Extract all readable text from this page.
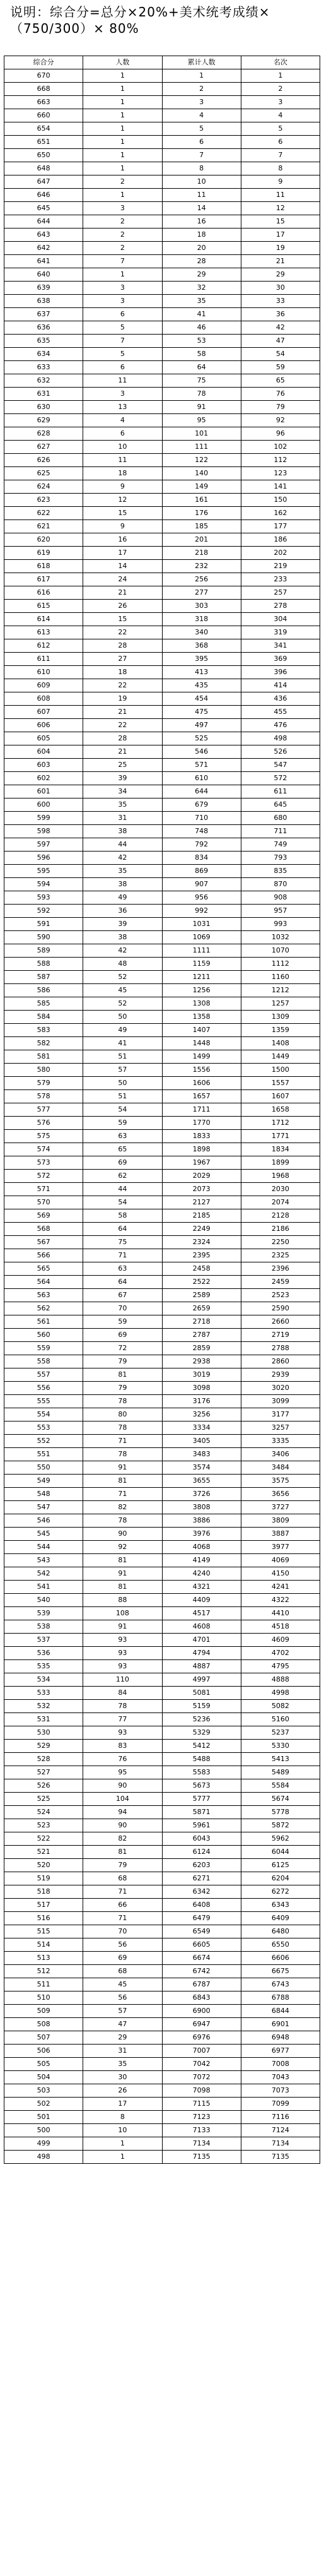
说明：综合分=总分×20%+美术统考成绩×（750/300）× 80%
综合分	人数	累计人数	名次
670	1	1	1
668	1	2	2
663	1	3	3
660	1	4	4
654	1	5	5
651	1	6	6
650	1	7	7
648	1	8	8
647	2	10	9
646	1	11	11
645	3	14	12
644	2	16	15
643	2	18	17
642	2	20	19
641	7	28	21
640	1	29	29
639	3	32	30
638	3	35	33
637	6	41	36
636	5	46	42
635	7	53	47
634	5	58	54
633	6	64	59
632	11	75	65
631	3	78	76
630	13	91	79
629	4	95	92
628	6	101	96
627	10	111	102
626	11	122	112
625	18	140	123
624	9	149	141
623	12	161	150
622	15	176	162
621	9	185	177
620	16	201	186
619	17	218	202
618	14	232	219
617	24	256	233
616	21	277	257
615	26	303	278
614	15	318	304
613	22	340	319
612	28	368	341
611	27	395	369
610	18	413	396
609	22	435	414
608	19	454	436
607	21	475	455
606	22	497	476
605	28	525	498
604	21	546	526
603	25	571	547
602	39	610	572
601	34	644	611
600	35	679	645
599	31	710	680
598	38	748	711
597	44	792	749
596	42	834	793
595	35	869	835
594	38	907	870
593	49	956	908
592	36	992	957
591	39	1031	993
590	38	1069	1032
589	42	1111	1070
588	48	1159	1112
587	52	1211	1160
586	45	1256	1212
585	52	1308	1257
584	50	1358	1309
583	49	1407	1359
582	41	1448	1408
581	51	1499	1449
580	57	1556	1500
579	50	1606	1557
578	51	1657	1607
577	54	1711	1658
576	59	1770	1712
575	63	1833	1771
574	65	1898	1834
573	69	1967	1899
572	62	2029	1968
571	44	2073	2030
570	54	2127	2074
569	58	2185	2128
568	64	2249	2186
567	75	2324	2250
566	71	2395	2325
565	63	2458	2396
564	64	2522	2459
563	67	2589	2523
562	70	2659	2590
561	59	2718	2660
560	69	2787	2719
559	72	2859	2788
558	79	2938	2860
557	81	3019	2939
556	79	3098	3020
555	78	3176	3099
554	80	3256	3177
553	78	3334	3257
552	71	3405	3335
551	78	3483	3406
550	91	3574	3484
549	81	3655	3575
548	71	3726	3656
547	82	3808	3727
546	78	3886	3809
545	90	3976	3887
544	92	4068	3977
543	81	4149	4069
542	91	4240	4150
541	81	4321	4241
540	88	4409	4322
539	108	4517	4410
538	91	4608	4518
537	93	4701	4609
536	93	4794	4702
535	93	4887	4795
534	110	4997	4888
533	84	5081	4998
532	78	5159	5082
531	77	5236	5160
530	93	5329	5237
529	83	5412	5330
528	76	5488	5413
527	95	5583	5489
526	90	5673	5584
525	104	5777	5674
524	94	5871	5778
523	90	5961	5872
522	82	6043	5962
521	81	6124	6044
520	79	6203	6125
519	68	6271	6204
518	71	6342	6272
517	66	6408	6343
516	71	6479	6409
515	70	6549	6480
514	56	6605	6550
513	69	6674	6606
512	68	6742	6675
511	45	6787	6743
510	56	6843	6788
509	57	6900	6844
508	47	6947	6901
507	29	6976	6948
506	31	7007	6977
505	35	7042	7008
504	30	7072	7043
503	26	7098	7073
502	17	7115	7099
501	8	7123	7116
500	10	7133	7124
499	1	7134	7134
498	1	7135	7135
